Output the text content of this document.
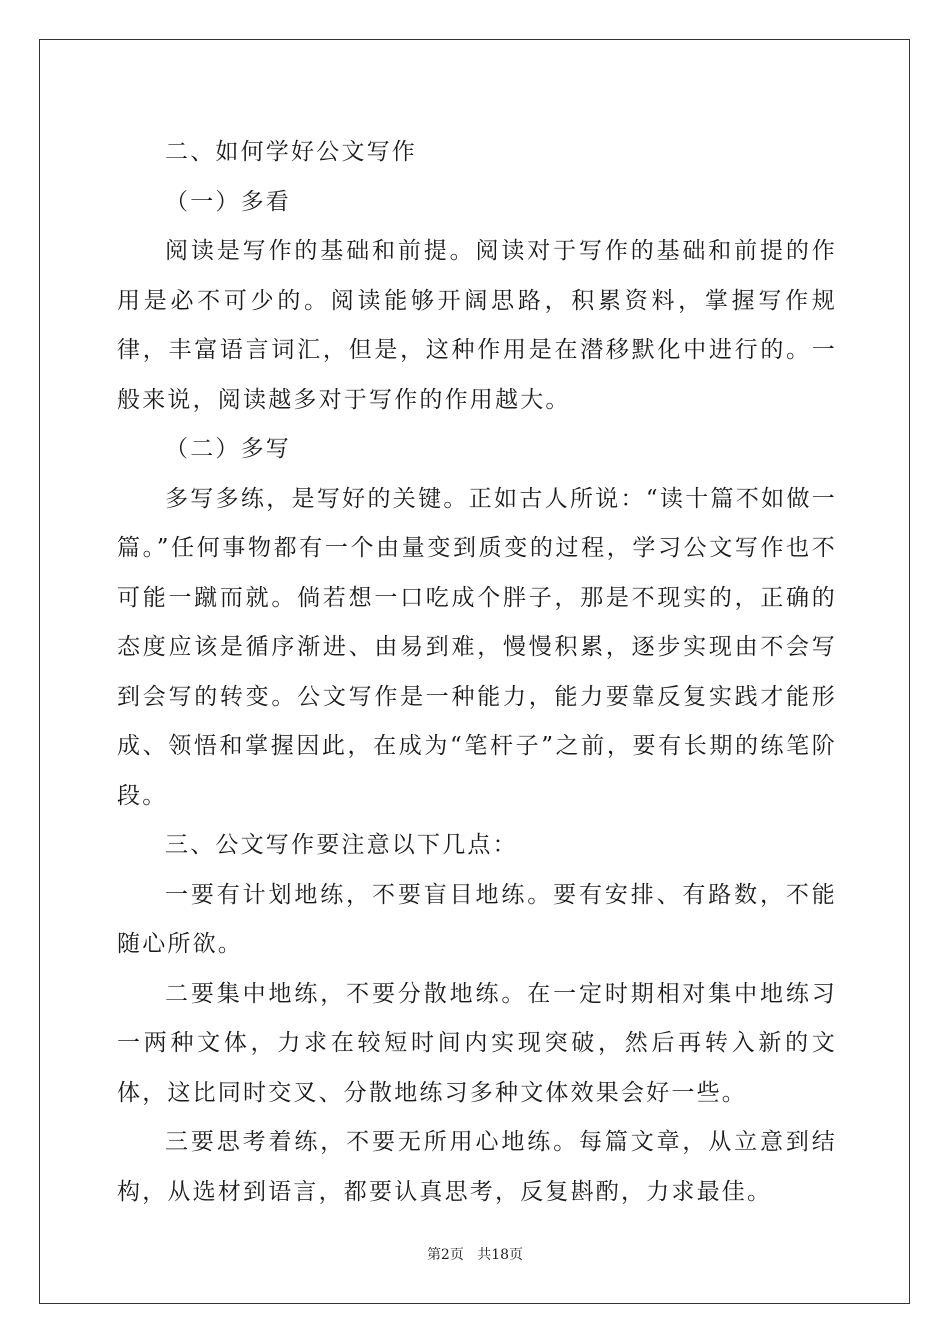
二、如何学好公文写作

（一）多看

阅读是写作的基础和前提。阅读对于写作的基础和前提的作用是必不可少的。阅读能够开阔思路，积累资料，掌握写作规律，丰富语言词汇，但是，这种作用是在潜移默化中进行的。一般来说，阅读越多对于写作的作用越大。

（二）多写

多写多练，是写好的关键。正如古人所说：“读十篇不如做一篇。”任何事物都有一个由量变到质变的过程，学习公文写作也不可能一蹴而就。倘若想一口吃成个胖子，那是不现实的，正确的态度应该是循序渐进、由易到难，慢慢积累，逐步实现由不会写到会写的转变。公文写作是一种能力，能力要靠反复实践才能形成、领悟和掌握因此，在成为“笔杆子”之前，要有长期的练笔阶段。

三、公文写作要注意以下几点：

一要有计划地练，不要盲目地练。要有安排、有路数，不能随心所欲。

二要集中地练，不要分散地练。在一定时期相对集中地练习一两种文体，力求在较短时间内实现突破，然后再转入新的文体，这比同时交叉、分散地练习多种文体效果会好一些。

三要思考着练，不要无所用心地练。每篇文章，从立意到结构，从选材到语言，都要认真思考，反复斟酌，力求最佳。

第2页 共18页
